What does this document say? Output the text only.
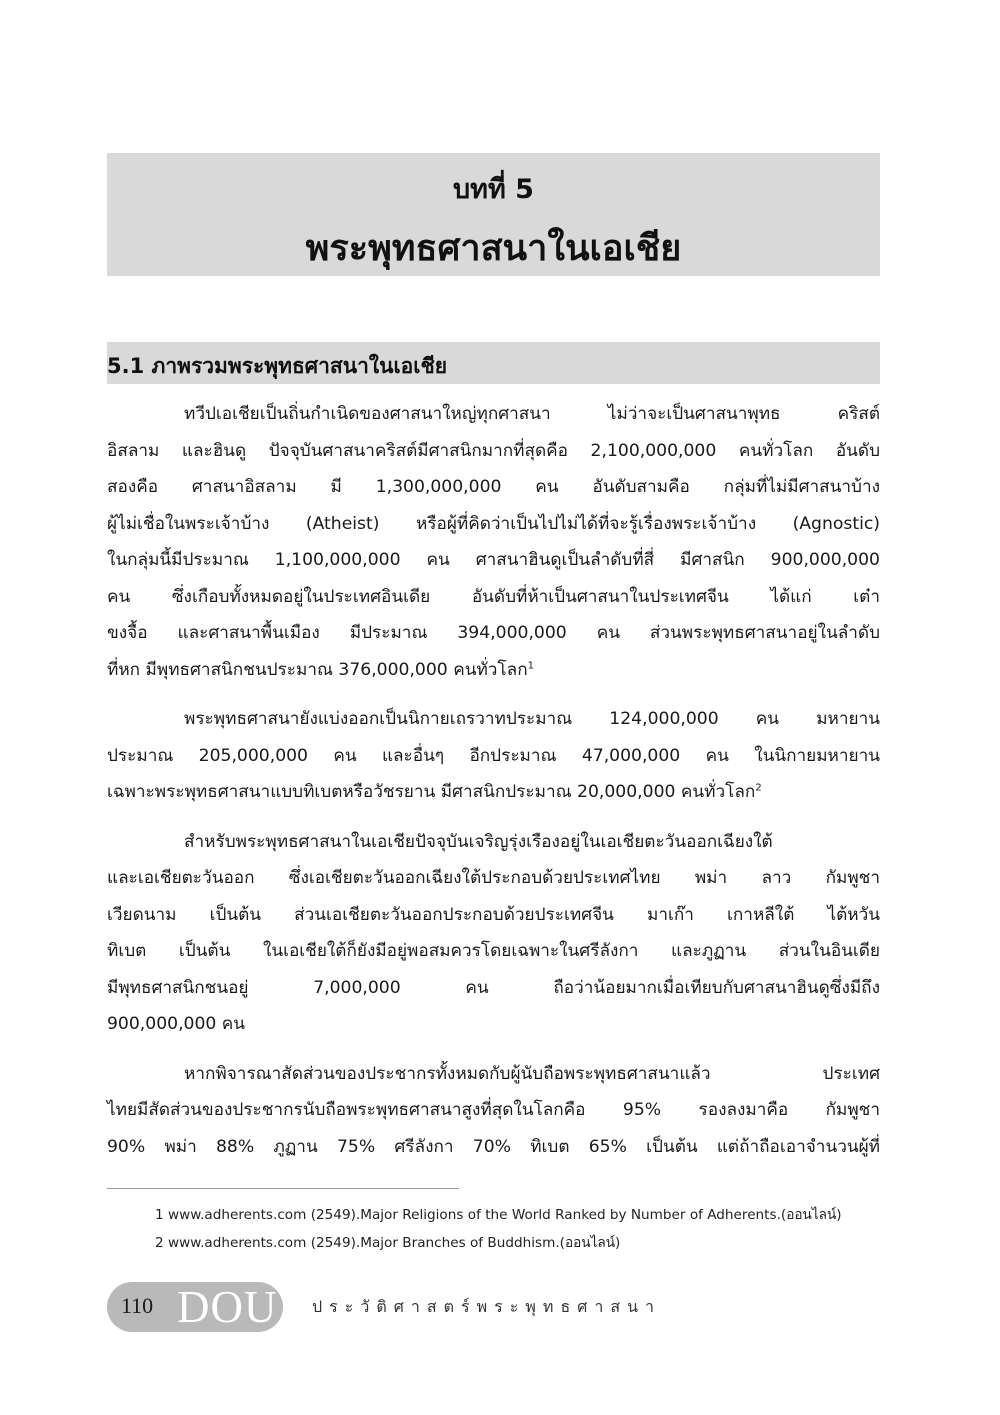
บทที่ 5
พระพุทธศาสนาในเอเชีย
5.1 ภาพรวมพระพุทธศาสนาในเอเชีย

ทวีปเอเชียเป็นถิ่นกำเนิดของศาสนาใหญ่ทุกศาสนา ไม่ว่าจะเป็นศาสนาพุทธ คริสต์
อิสลาม และฮินดู ปัจจุบันศาสนาคริสต์มีศาสนิกมากที่สุดคือ 2,100,000,000 คนทั่วโลก อันดับ
สองคือ ศาสนาอิสลาม มี 1,300,000,000 คน อันดับสามคือ กลุ่มที่ไม่มีศาสนาบ้าง
ผู้ไม่เชื่อในพระเจ้าบ้าง (Atheist) หรือผู้ที่คิดว่าเป็นไปไม่ได้ที่จะรู้เรื่องพระเจ้าบ้าง (Agnostic)
ในกลุ่มนี้มีประมาณ 1,100,000,000 คน ศาสนาฮินดูเป็นลำดับที่สี่ มีศาสนิก 900,000,000
คน ซึ่งเกือบทั้งหมดอยู่ในประเทศอินเดีย อันดับที่ห้าเป็นศาสนาในประเทศจีน ได้แก่ เต๋า
ขงจื้อ และศาสนาพื้นเมือง มีประมาณ 394,000,000 คน ส่วนพระพุทธศาสนาอยู่ในลำดับ
ที่หก มีพุทธศาสนิกชนประมาณ 376,000,000 คนทั่วโลก$^1$

พระพุทธศาสนายังแบ่งออกเป็นนิกายเถรวาทประมาณ 124,000,000 คน มหายาน
ประมาณ 205,000,000 คน และอื่นๆ อีกประมาณ 47,000,000 คน ในนิกายมหายาน
เฉพาะพระพุทธศาสนาแบบทิเบตหรือวัชรยาน มีศาสนิกประมาณ 20,000,000 คนทั่วโลก$^2$

สำหรับพระพุทธศาสนาในเอเชียปัจจุบันเจริญรุ่งเรืองอยู่ในเอเชียตะวันออกเฉียงใต้
และเอเชียตะวันออก ซึ่งเอเชียตะวันออกเฉียงใต้ประกอบด้วยประเทศไทย พม่า ลาว กัมพูชา
เวียดนาม เป็นต้น ส่วนเอเชียตะวันออกประกอบด้วยประเทศจีน มาเก๊า เกาหลีใต้ ไต้หวัน
ทิเบต เป็นต้น ในเอเชียใต้ก็ยังมีอยู่พอสมควรโดยเฉพาะในศรีลังกา และภูฏาน ส่วนในอินเดีย
มีพุทธศาสนิกชนอยู่ 7,000,000 คน ถือว่าน้อยมากเมื่อเทียบกับศาสนาฮินดูซึ่งมีถึง
900,000,000 คน

หากพิจารณาสัดส่วนของประชากรทั้งหมดกับผู้นับถือพระพุทธศาสนาแล้ว ประเทศ
ไทยมีสัดส่วนของประชากรนับถือพระพุทธศาสนาสูงที่สุดในโลกคือ 95% รองลงมาคือ กัมพูชา
90% พม่า 88% ภูฏาน 75% ศรีลังกา 70% ทิเบต 65% เป็นต้น แต่ถ้าถือเอาจำนวนผู้ที่

1 www.adherents.com (2549).Major Religions of the World Ranked by Number of Adherents.(ออนไลน์)
2 www.adherents.com (2549).Major Branches of Buddhism.(ออนไลน์)
110 DOU ประวัติศาสตร์พระพุทธศาสนา
